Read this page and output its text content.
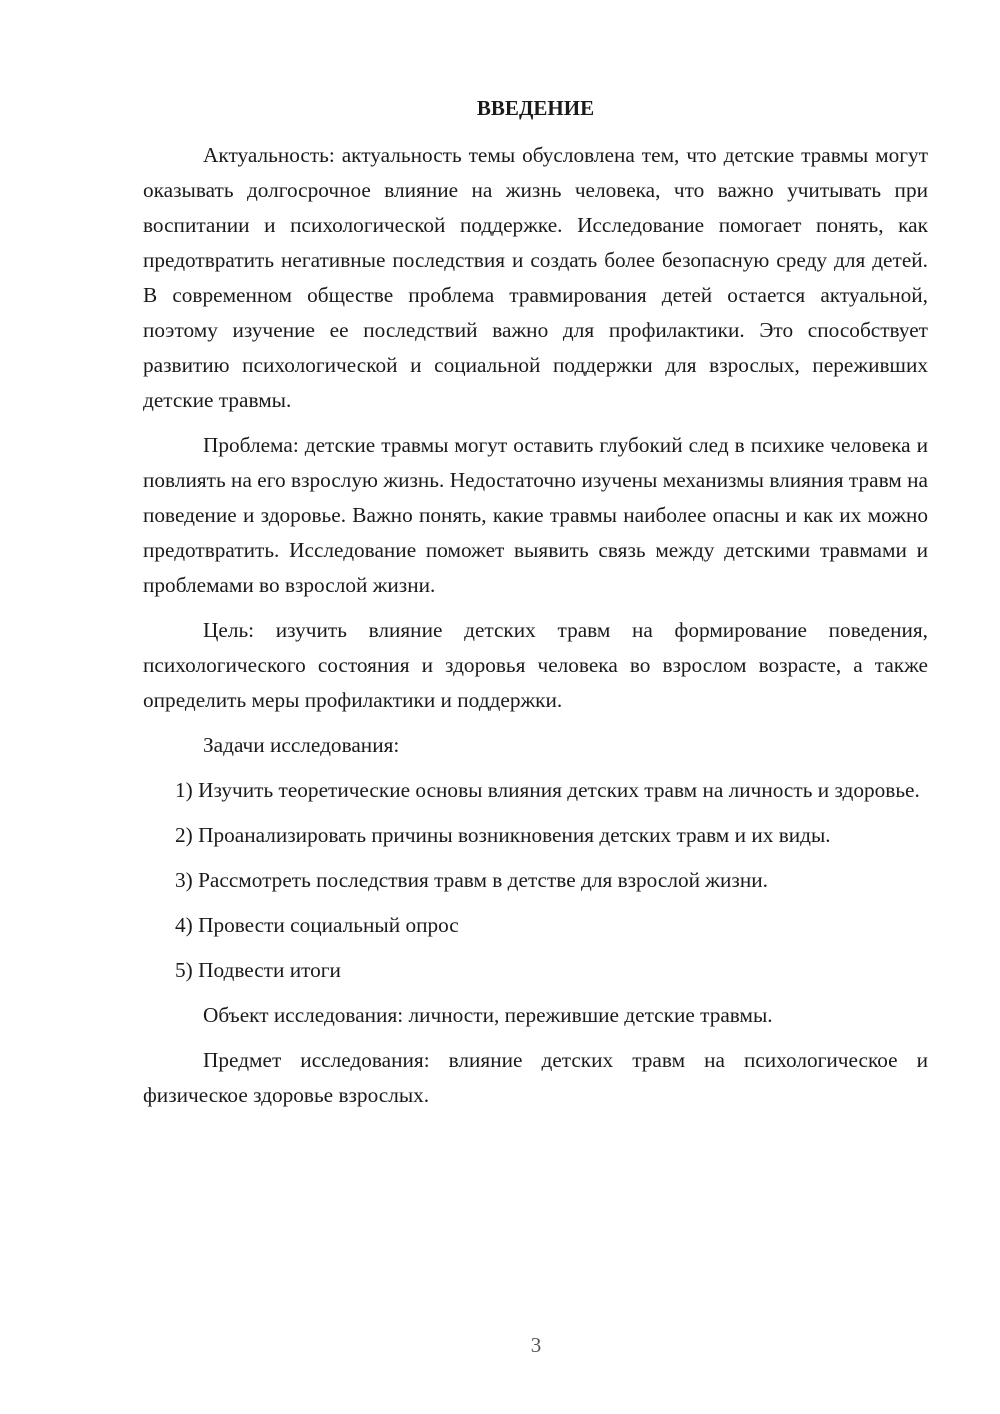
ВВЕДЕНИЕ

Актуальность: актуальность темы обусловлена тем, что детские травмы могут оказывать долгосрочное влияние на жизнь человека, что важно учитывать при воспитании и психологической поддержке. Исследование помогает понять, как предотвратить негативные последствия и создать более безопасную среду для детей. В современном обществе проблема травмирования детей остается актуальной, поэтому изучение ее последствий важно для профилактики. Это способствует развитию психологической и социальной поддержки для взрослых, переживших детские травмы.

Проблема: детские травмы могут оставить глубокий след в психике человека и повлиять на его взрослую жизнь. Недостаточно изучены механизмы влияния травм на поведение и здоровье. Важно понять, какие травмы наиболее опасны и как их можно предотвратить. Исследование поможет выявить связь между детскими травмами и проблемами во взрослой жизни.

Цель: изучить влияние детских травм на формирование поведения, психологического состояния и здоровья человека во взрослом возрасте, а также определить меры профилактики и поддержки.

Задачи исследования:

1) Изучить теоретические основы влияния детских травм на личность и здоровье.

2) Проанализировать причины возникновения детских травм и их виды.

3) Рассмотреть последствия травм в детстве для взрослой жизни.

4) Провести социальный опрос

5) Подвести итоги

Объект исследования: личности, пережившие детские травмы.

Предмет исследования: влияние детских травм на психологическое и физическое здоровье взрослых.

3
